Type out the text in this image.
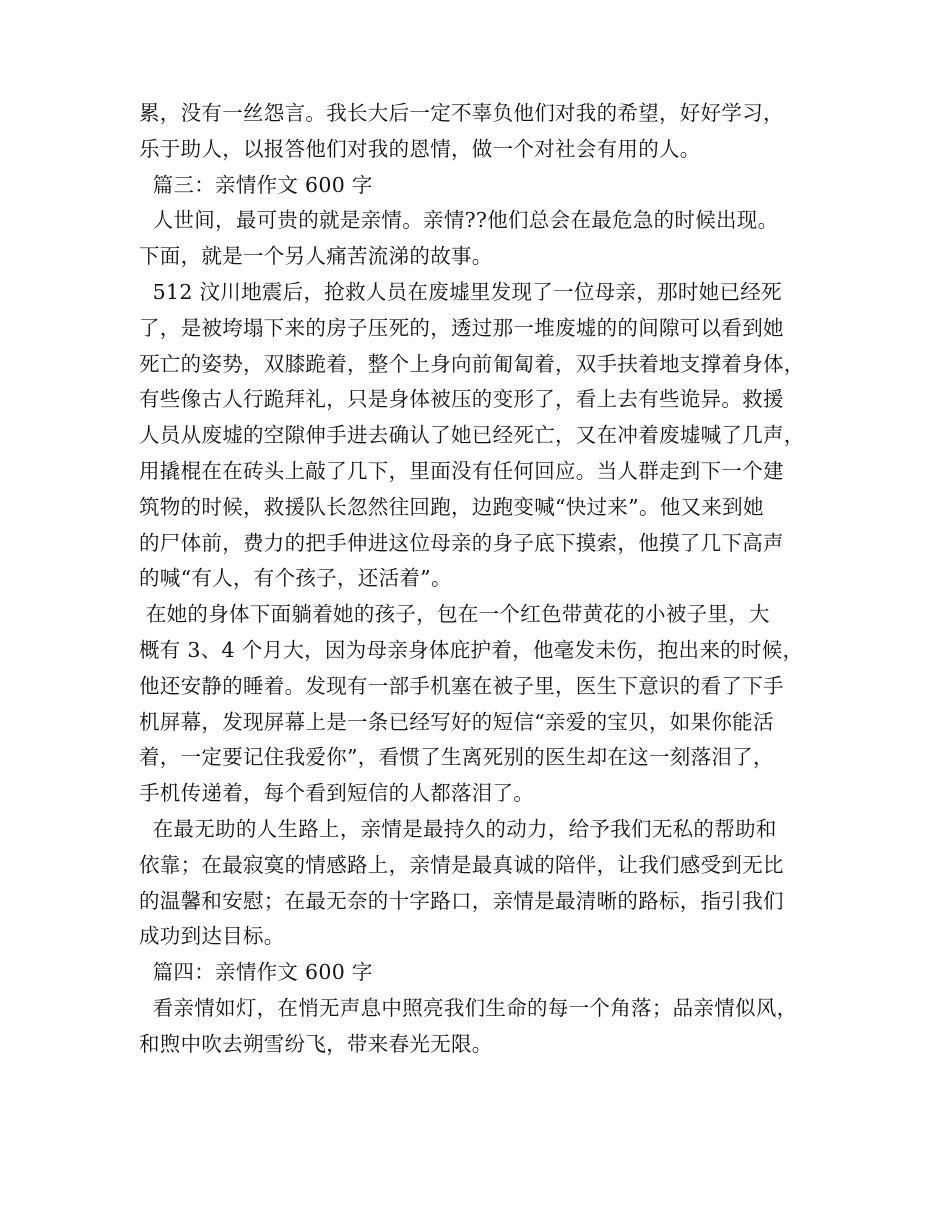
累，没有一丝怨言。我长大后一定不辜负他们对我的希望，好好学习，
乐于助人，以报答他们对我的恩情，做一个对社会有用的人。
篇三：亲情作文 600 字
人世间，最可贵的就是亲情。亲情??他们总会在最危急的时候出现。
下面，就是一个另人痛苦流涕的故事。
512 汶川地震后，抢救人员在废墟里发现了一位母亲，那时她已经死
了，是被垮塌下来的房子压死的，透过那一堆废墟的的间隙可以看到她
死亡的姿势，双膝跪着，整个上身向前匍匐着，双手扶着地支撑着身体，
有些像古人行跪拜礼，只是身体被压的变形了，看上去有些诡异。救援
人员从废墟的空隙伸手进去确认了她已经死亡，又在冲着废墟喊了几声，
用撬棍在在砖头上敲了几下，里面没有任何回应。当人群走到下一个建
筑物的时候，救援队长忽然往回跑，边跑变喊“快过来”。他又来到她
的尸体前，费力的把手伸进这位母亲的身子底下摸索，他摸了几下高声
的喊“有人，有个孩子，还活着”。
在她的身体下面躺着她的孩子，包在一个红色带黄花的小被子里，大
概有 3、4 个月大，因为母亲身体庇护着，他毫发未伤，抱出来的时候，
他还安静的睡着。发现有一部手机塞在被子里，医生下意识的看了下手
机屏幕，发现屏幕上是一条已经写好的短信“亲爱的宝贝，如果你能活
着，一定要记住我爱你”，看惯了生离死别的医生却在这一刻落泪了，
手机传递着，每个看到短信的人都落泪了。
在最无助的人生路上，亲情是最持久的动力，给予我们无私的帮助和
依靠；在最寂寞的情感路上，亲情是最真诚的陪伴，让我们感受到无比
的温馨和安慰；在最无奈的十字路口，亲情是最清晰的路标，指引我们
成功到达目标。
篇四：亲情作文 600 字
看亲情如灯，在悄无声息中照亮我们生命的每一个角落；品亲情似风，
和煦中吹去朔雪纷飞，带来春光无限。
